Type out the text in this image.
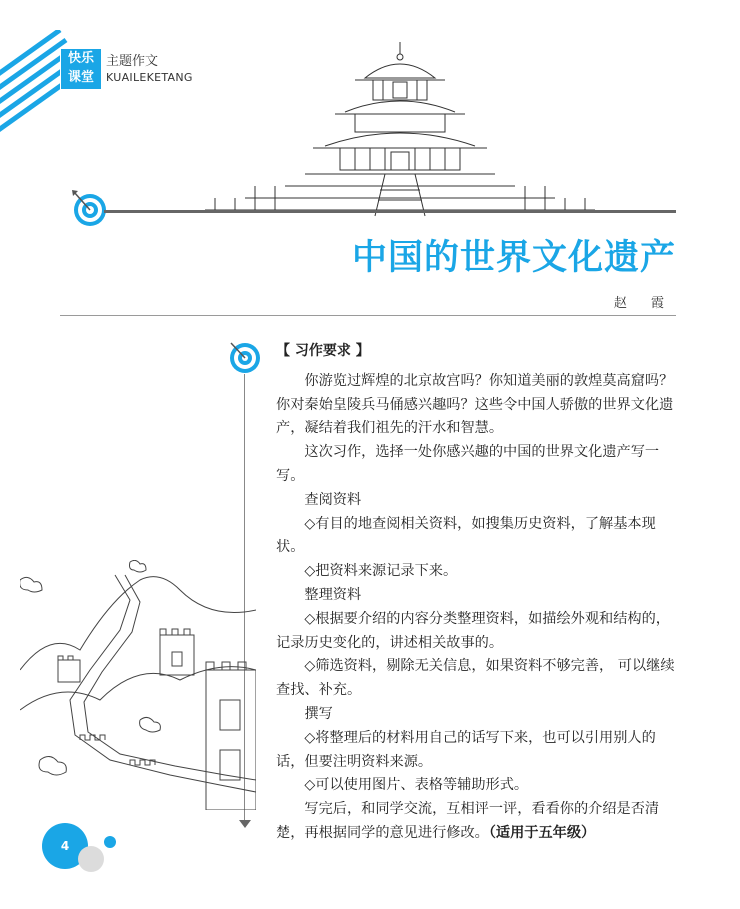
快乐
课堂
主题作文
KUAILEKETANG
中国的世界文化遗产
赵 霞

【 习作要求 】

你游览过辉煌的北京故宫吗？你知道美丽的敦煌莫高窟吗？你对秦始皇陵兵马俑感兴趣吗？这些令中国人骄傲的世界文化遗产，凝结着我们祖先的汗水和智慧。

这次习作，选择一处你感兴趣的中国的世界文化遗产写一写。

查阅资料

◇有目的地查阅相关资料，如搜集历史资料，了解基本现状。

◇把资料来源记录下来。

整理资料

◇根据要介绍的内容分类整理资料，如描绘外观和结构的，记录历史变化的，讲述相关故事的。

◇筛选资料，剔除无关信息，如果资料不够完善， 可以继续查找、补充。

撰写

◇将整理后的材料用自己的话写下来，也可以引用别人的话，但要注明资料来源。

◇可以使用图片、表格等辅助形式。

写完后，和同学交流，互相评一评，看看你的介绍是否清楚，再根据同学的意见进行修改。（适用于五年级）

4
